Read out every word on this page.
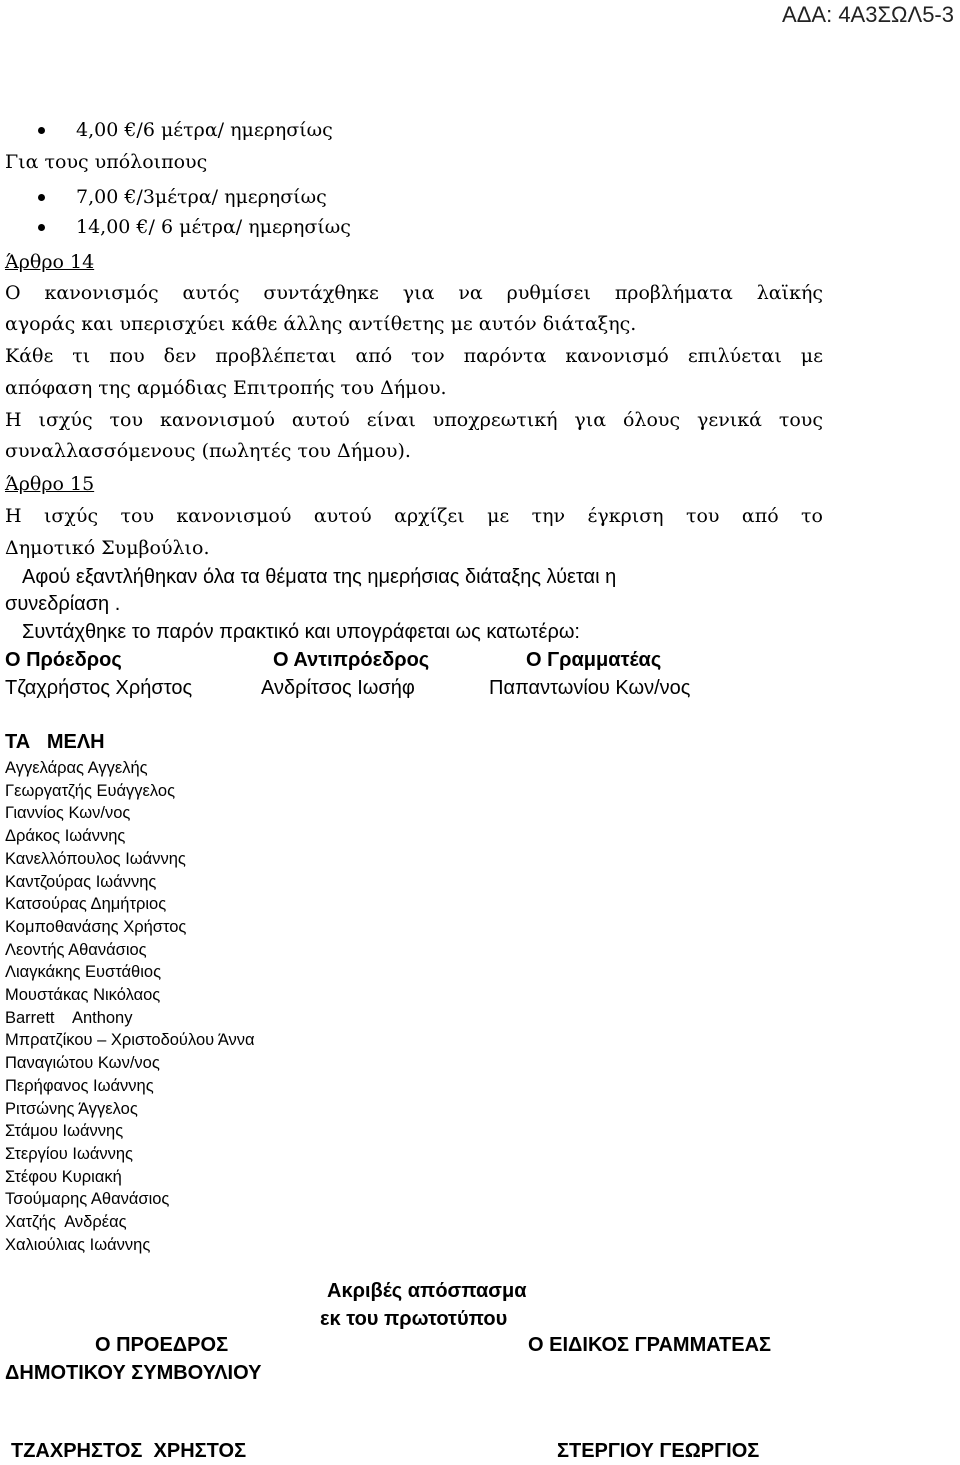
ΑΔΑ: 4Α3ΣΩΛ5-3
4,00 €/6 μέτρα/ ημερησίως
Για τους υπόλοιπους
7,00 €/3μέτρα/ ημερησίως
14,00 €/ 6 μέτρα/ ημερησίως
Άρθρο 14
Ο κανονισμός αυτός συντάχθηκε για να ρυθμίσει προβλήματα λαϊκής
αγοράς και υπερισχύει κάθε άλλης αντίθετης με αυτόν διάταξης.
Κάθε τι που δεν προβλέπεται από τον παρόντα κανονισμό επιλύεται με
απόφαση της αρμόδιας Επιτροπής του Δήμου.
Η ισχύς του κανονισμού αυτού είναι υποχρεωτική για όλους γενικά τους
συναλλασσόμενους (πωλητές του Δήμου).
Άρθρο 15
Η ισχύς του κανονισμού αυτού αρχίζει με την έγκριση του από το
Δημοτικό Συμβούλιο.
Αφού εξαντλήθηκαν όλα τα θέματα της ημερήσιας διάταξης λύεται η
συνεδρίαση .
Συντάχθηκε το παρόν πρακτικό και υπογράφεται ως κατωτέρω:
Ο Πρόεδρος	Ο Αντιπρόεδρος	Ο Γραμματέας
Τζαχρήστος Χρήστος	Ανδρίτσος Ιωσήφ	Παπαντωνίου Κων/νος
ΤΑ   ΜΕΛΗ
Αγγελάρας Αγγελής
Γεωργατζής Ευάγγελος
Γιαννίος Κων/νος
Δράκος Ιωάννης
Κανελλόπουλος Ιωάννης
Καντζούρας Ιωάννης
Κατσούρας Δημήτριος
Κομποθανάσης Χρήστος
Λεοντής Αθανάσιος
Λιαγκάκης Ευστάθιος
Μουστάκας Νικόλαος
Barrett    Anthony
Μπρατζίκου – Χριστοδούλου Άννα
Παναγιώτου Κων/νος
Περήφανος Ιωάννης
Ριτσώνης Άγγελος
Στάμου Ιωάννης
Στεργίου Ιωάννης
Στέφου Κυριακή
Τσούμαρης Αθανάσιος
Χατζής  Ανδρέας
Χαλιούλιας Ιωάννης
Ακριβές απόσπασμα
εκ του πρωτοτύπου
Ο ΠΡΟΕΔΡΟΣ	Ο ΕΙΔΙΚΟΣ ΓΡΑΜΜΑΤΕΑΣ
ΔΗΜΟΤΙΚΟΥ ΣΥΜΒΟΥΛΙΟΥ
ΤΖΑΧΡΗΣΤΟΣ  ΧΡΗΣΤΟΣ	ΣΤΕΡΓΙΟΥ ΓΕΩΡΓΙΟΣ
